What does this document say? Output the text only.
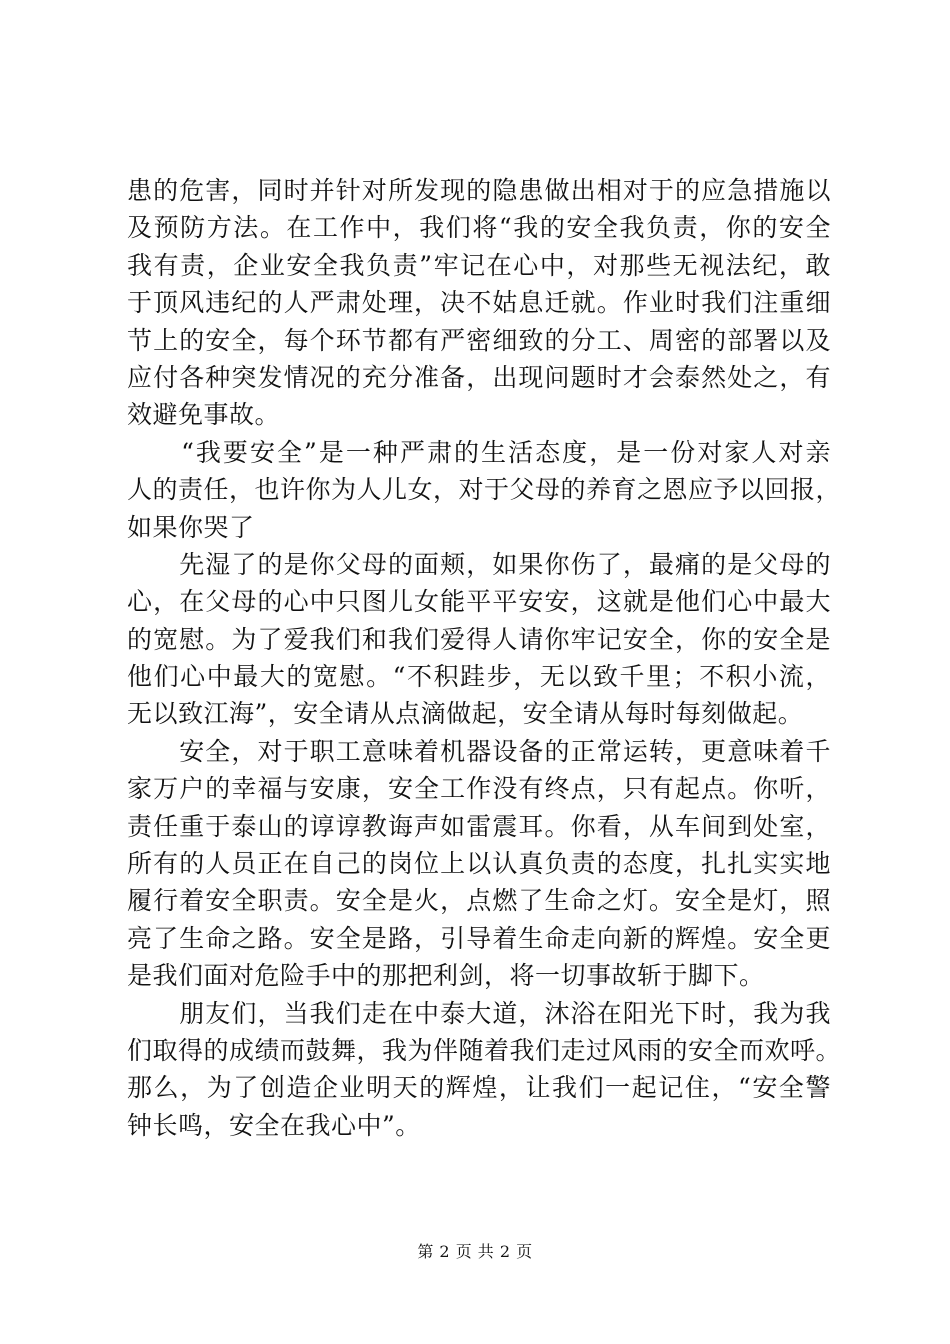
患的危害，同时并针对所发现的隐患做出相对于的应急措施以
及预防方法。在工作中，我们将“我的安全我负责，你的安全
我有责，企业安全我负责”牢记在心中，对那些无视法纪，敢
于顶风违纪的人严肃处理，决不姑息迁就。作业时我们注重细
节上的安全，每个环节都有严密细致的分工、周密的部署以及
应付各种突发情况的充分准备，出现问题时才会泰然处之，有
效避免事故。
　　“我要安全”是一种严肃的生活态度，是一份对家人对亲
人的责任，也许你为人儿女，对于父母的养育之恩应予以回报，
如果你哭了
　　先湿了的是你父母的面颊，如果你伤了，最痛的是父母的
心，在父母的心中只图儿女能平平安安，这就是他们心中最大
的宽慰。为了爱我们和我们爱得人请你牢记安全，你的安全是
他们心中最大的宽慰。“不积跬步，无以致千里；不积小流，
无以致江海”，安全请从点滴做起，安全请从每时每刻做起。
　　安全，对于职工意味着机器设备的正常运转，更意味着千
家万户的幸福与安康，安全工作没有终点，只有起点。你听，
责任重于泰山的谆谆教诲声如雷震耳。你看，从车间到处室，
所有的人员正在自己的岗位上以认真负责的态度，扎扎实实地
履行着安全职责。安全是火，点燃了生命之灯。安全是灯，照
亮了生命之路。安全是路，引导着生命走向新的辉煌。安全更
是我们面对危险手中的那把利剑，将一切事故斩于脚下。
　　朋友们，当我们走在中泰大道，沐浴在阳光下时，我为我
们取得的成绩而鼓舞，我为伴随着我们走过风雨的安全而欢呼。
那么，为了创造企业明天的辉煌，让我们一起记住，“安全警
钟长鸣，安全在我心中”。
第 2 页 共 2 页
